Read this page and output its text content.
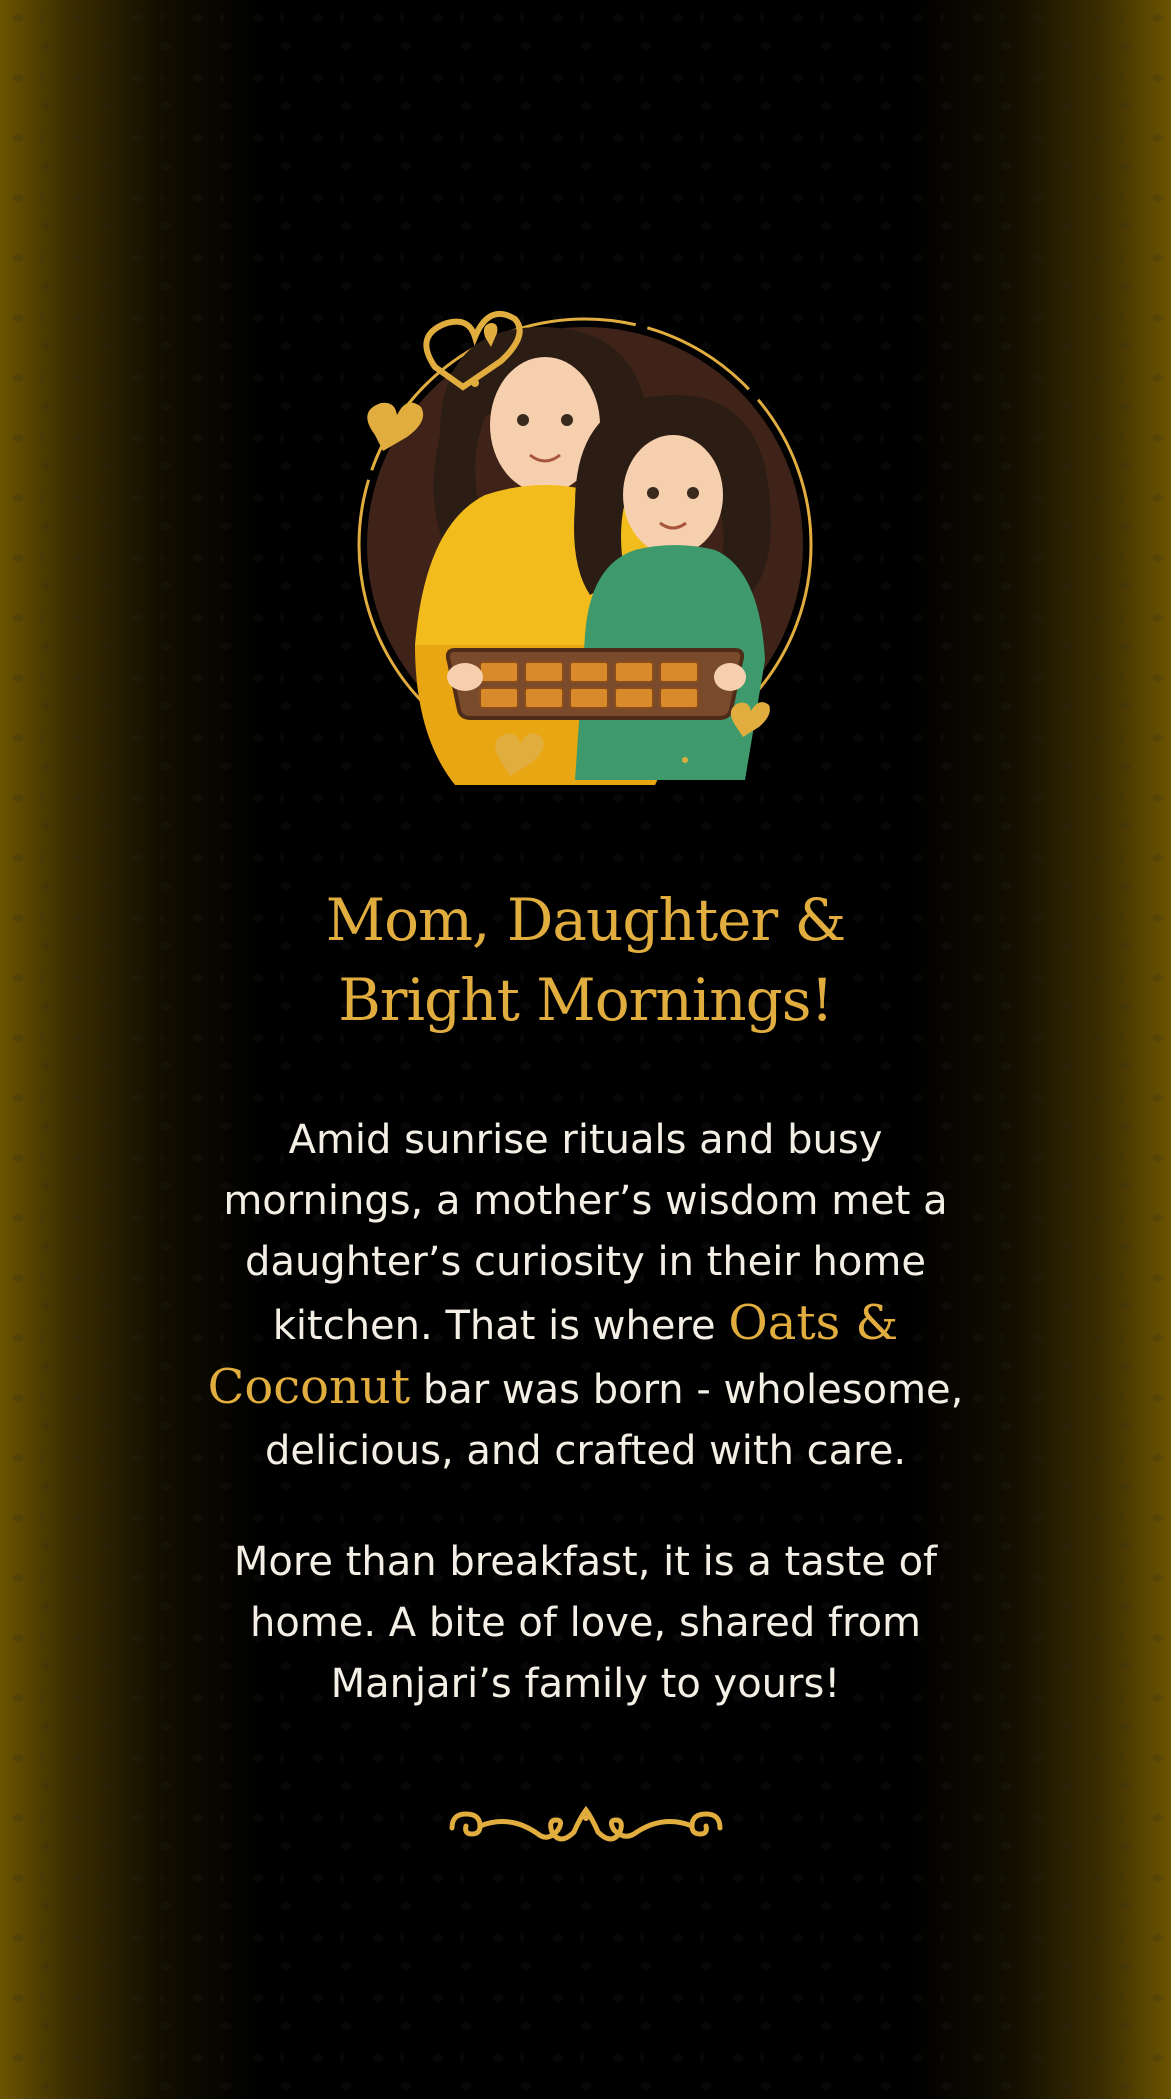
Mom, Daughter &
Bright Mornings!
Amid sunrise rituals and busy
mornings, a mother’s wisdom met a
daughter’s curiosity in their home
kitchen. That is where Oats &
Coconut bar was born - wholesome,
delicious, and crafted with care.
More than breakfast, it is a taste of
home. A bite of love, shared from
Manjari’s family to yours!
